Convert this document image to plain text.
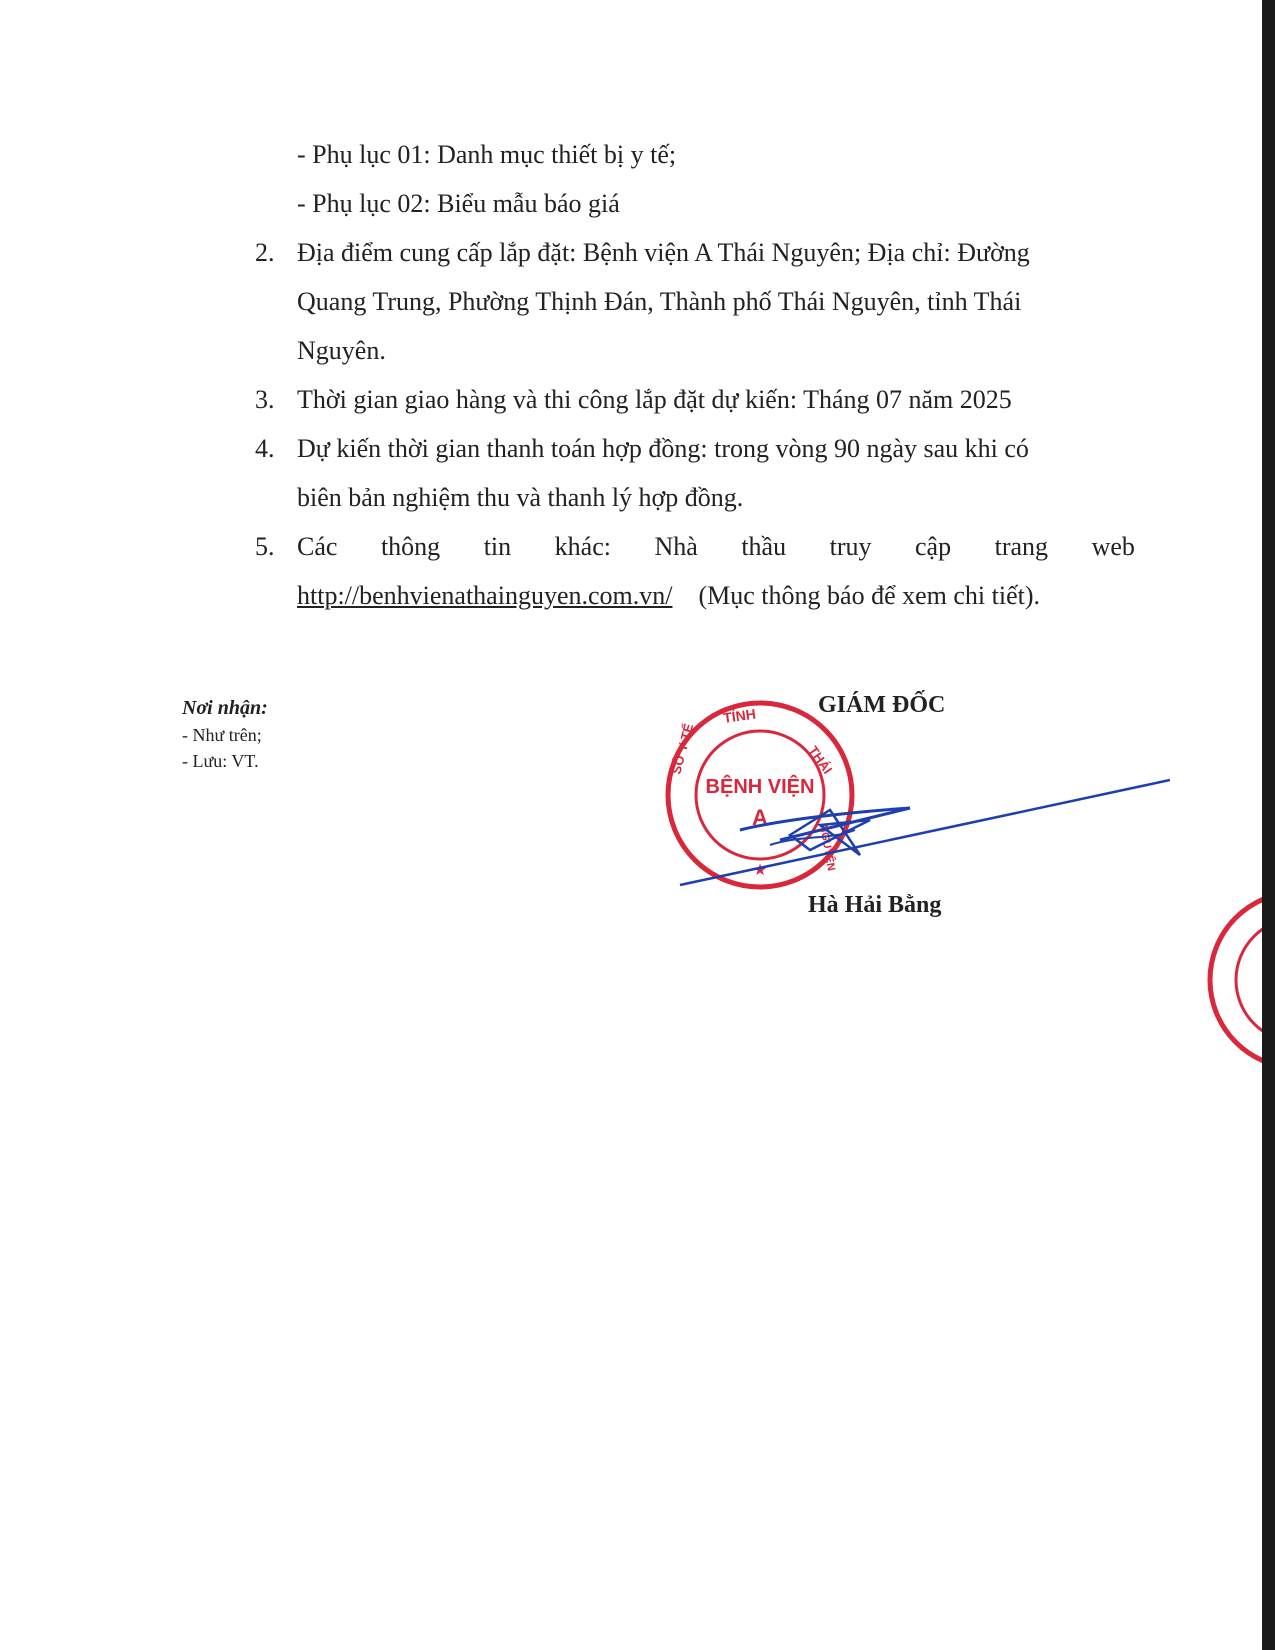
- Phụ lục 01: Danh mục thiết bị y tế;
- Phụ lục 02: Biểu mẫu báo giá
2. Địa điểm cung cấp lắp đặt: Bệnh viện A Thái Nguyên; Địa chỉ: Đường
Quang Trung, Phường Thịnh Đán, Thành phố Thái Nguyên, tỉnh Thái
Nguyên.
3. Thời gian giao hàng và thi công lắp đặt dự kiến: Tháng 07 năm 2025
4. Dự kiến thời gian thanh toán hợp đồng: trong vòng 90 ngày sau khi có
biên bản nghiệm thu và thanh lý hợp đồng.
5. Các thông tin khác: Nhà thầu truy cập trang web
http://benhvienathainguyen.com.vn/ (Mục thông báo để xem chi tiết).
Nơi nhận:
- Như trên;
- Lưu: VT.
TỈNH
THÁI
NGUYÊN
SỞ Y TẾ
BỆNH VIỆN
A
★
GIÁM ĐỐC
Hà Hải Bằng
